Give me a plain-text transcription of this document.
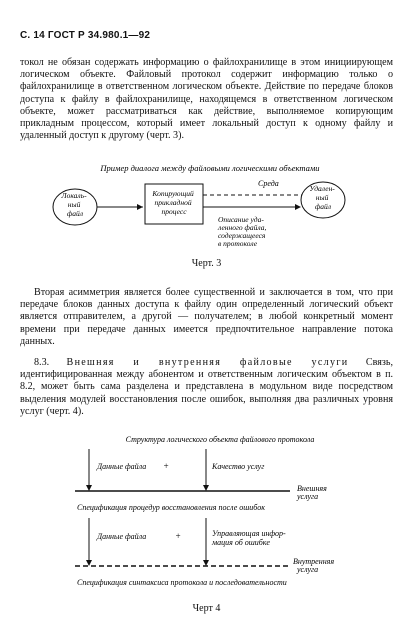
С. 14 ГОСТ Р 34.980.1—92
токол не обязан содержать информацию о файлохранилище в этом инициирующем логическом объекте. Файловый протокол содержит информацию только о файлохранилище в ответственном логическом объекте. Действие по передаче блоков доступа к файлу в файлохранилище, находящемся в ответственном логическом объекте, может рассматриваться как действие, выполняемое копирующим прикладным процессом, который имеет локальный доступ к одному файлу и удаленный доступ к другому (черт. 3).
Пример диалога между файловыми логическими объектами
Локаль- ный файл
Копирующий прикладной процесс
Среда
Удален- ный файл
Описание уда- ленного файла, содержащееся в протоколе
Черт. 3
Вторая асимметрия является более существенной и заключается в том, что при передаче блоков данных доступа к файлу один определенный логический объект является отправителем, а другой — получателем; в любой конкретный момент времени при передаче данных имеется предпочтительное направление потока данных.
8.3. Внешняя и внутренняя файловые услуги Связь, идентифицированная между абонентом и ответственным логическим объектом в п. 8.2, может быть сама разделена и представлена в модульном виде посредством выделения модулей восстановления после ошибок, выполняя два различных уровня услуг (черт. 4).
Структура логического объекта файлового протокола
Данные файла +	Качество услуг
Внешняя услуга
Спецификация процедур восстановления после ошибок
Данные файла	+	Управляющая инфор- мация об ошибке
Внутренняя услуга
Спецификация синтаксиса протокола и последовательности
Черт 4
